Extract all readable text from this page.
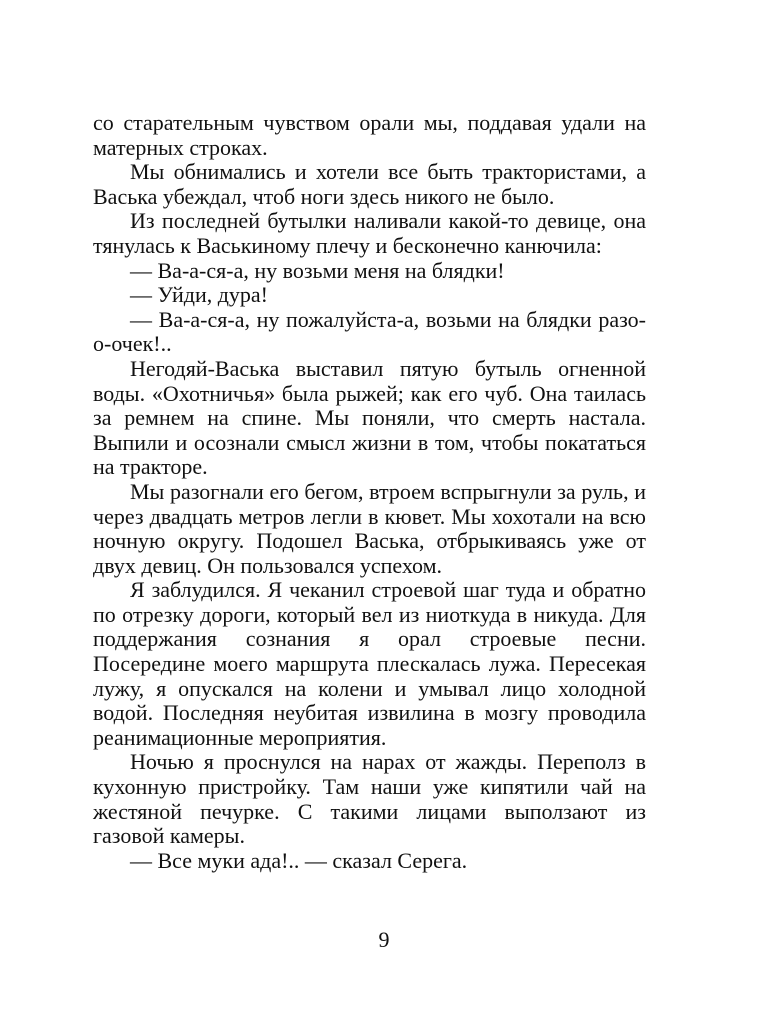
со старательным чувством орали мы, поддавая удали на матерных строках.

Мы обнимались и хотели все быть трактористами, а Васька убеждал, чтоб ноги здесь никого не было.

Из последней бутылки наливали какой-то девице, она тянулась к Васькиному плечу и бесконечно канючила:

— Ва-а-ся-а, ну возьми меня на блядки!

— Уйди, дура!

— Ва-а-ся-а, ну пожалуйста-а, возьми на блядки разо-о-очек!..

Негодяй-Васька выставил пятую бутыль огненной воды. «Охотничья» была рыжей; как его чуб. Она таилась за ремнем на спине. Мы поняли, что смерть настала. Выпили и осознали смысл жизни в том, чтобы покататься на тракторе.

Мы разогнали его бегом, втроем вспрыгнули за руль, и через двадцать метров легли в кювет. Мы хохотали на всю ночную округу. Подошел Васька, отбрыкиваясь уже от двух девиц. Он пользовался успехом.

Я заблудился. Я чеканил строевой шаг туда и обратно по отрезку дороги, который вел из ниоткуда в никуда. Для поддержания сознания я орал строевые песни. Посередине моего маршрута плескалась лужа. Пересекая лужу, я опускался на колени и умывал лицо холодной водой. Последняя неубитая извилина в мозгу проводила реанимационные мероприятия.

Ночью я проснулся на нарах от жажды. Переполз в кухонную пристройку. Там наши уже кипятили чай на жестяной печурке. С такими лицами выползают из газовой камеры.

— Все муки ада!.. — сказал Серега.

9
